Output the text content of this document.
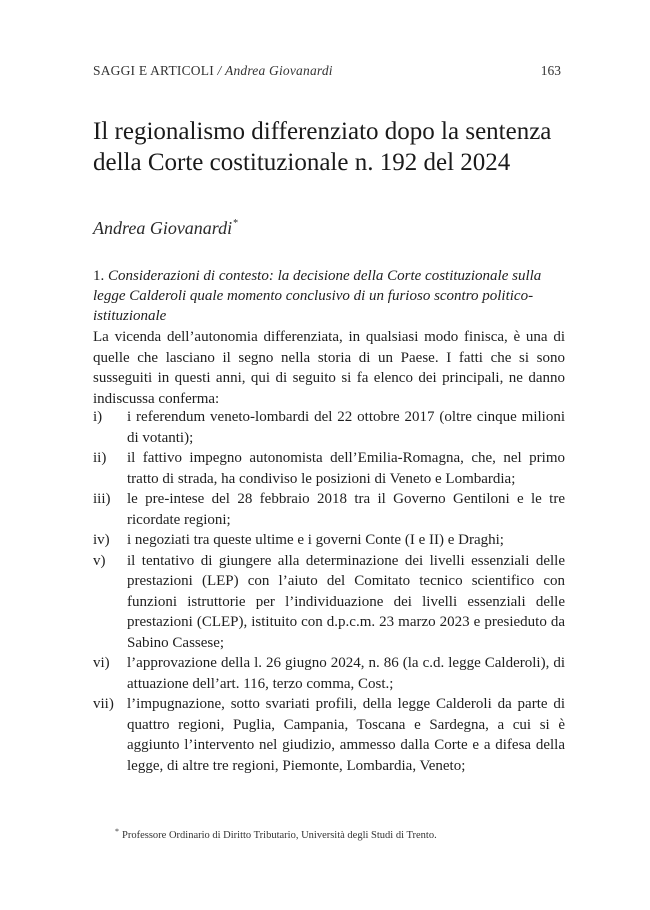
SAGGI E ARTICOLI / Andrea Giovanardi	163
Il regionalismo differenziato dopo la sentenza della Corte costituzionale n. 192 del 2024
Andrea Giovanardi*
1. Considerazioni di contesto: la decisione della Corte costituzionale sulla legge Calderoli quale momento conclusivo di un furioso scontro politico-istituzionale

La vicenda dell’autonomia differenziata, in qualsiasi modo finisca, è una di quelle che lasciano il segno nella storia di un Paese. I fatti che si sono susseguiti in questi anni, qui di seguito si fa elenco dei principali, ne danno indiscussa conferma:

i)	i referendum veneto-lombardi del 22 ottobre 2017 (oltre cinque milioni di votanti);
ii)	il fattivo impegno autonomista dell’Emilia-Romagna, che, nel primo tratto di strada, ha condiviso le posizioni di Veneto e Lombardia;
iii)	le pre-intese del 28 febbraio 2018 tra il Governo Gentiloni e le tre ricordate regioni;
iv)	i negoziati tra queste ultime e i governi Conte (I e II) e Draghi;
v)	il tentativo di giungere alla determinazione dei livelli essenziali delle prestazioni (LEP) con l’aiuto del Comitato tecnico scientifico con funzioni istruttorie per l’individuazione dei livelli essenziali delle prestazioni (CLEP), istituito con d.p.c.m. 23 marzo 2023 e presieduto da Sabino Cassese;
vi)	l’approvazione della l. 26 giugno 2024, n. 86 (la c.d. legge Calderoli), di attuazione dell’art. 116, terzo comma, Cost.;
vii) l’impugnazione, sotto svariati profili, della legge Calderoli da parte di quattro regioni, Puglia, Campania, Toscana e Sardegna, a cui si è aggiunto l’intervento nel giudizio, ammesso dalla Corte e a difesa della legge, di altre tre regioni, Piemonte, Lombardia, Veneto;
* Professore Ordinario di Diritto Tributario, Università degli Studi di Trento.
